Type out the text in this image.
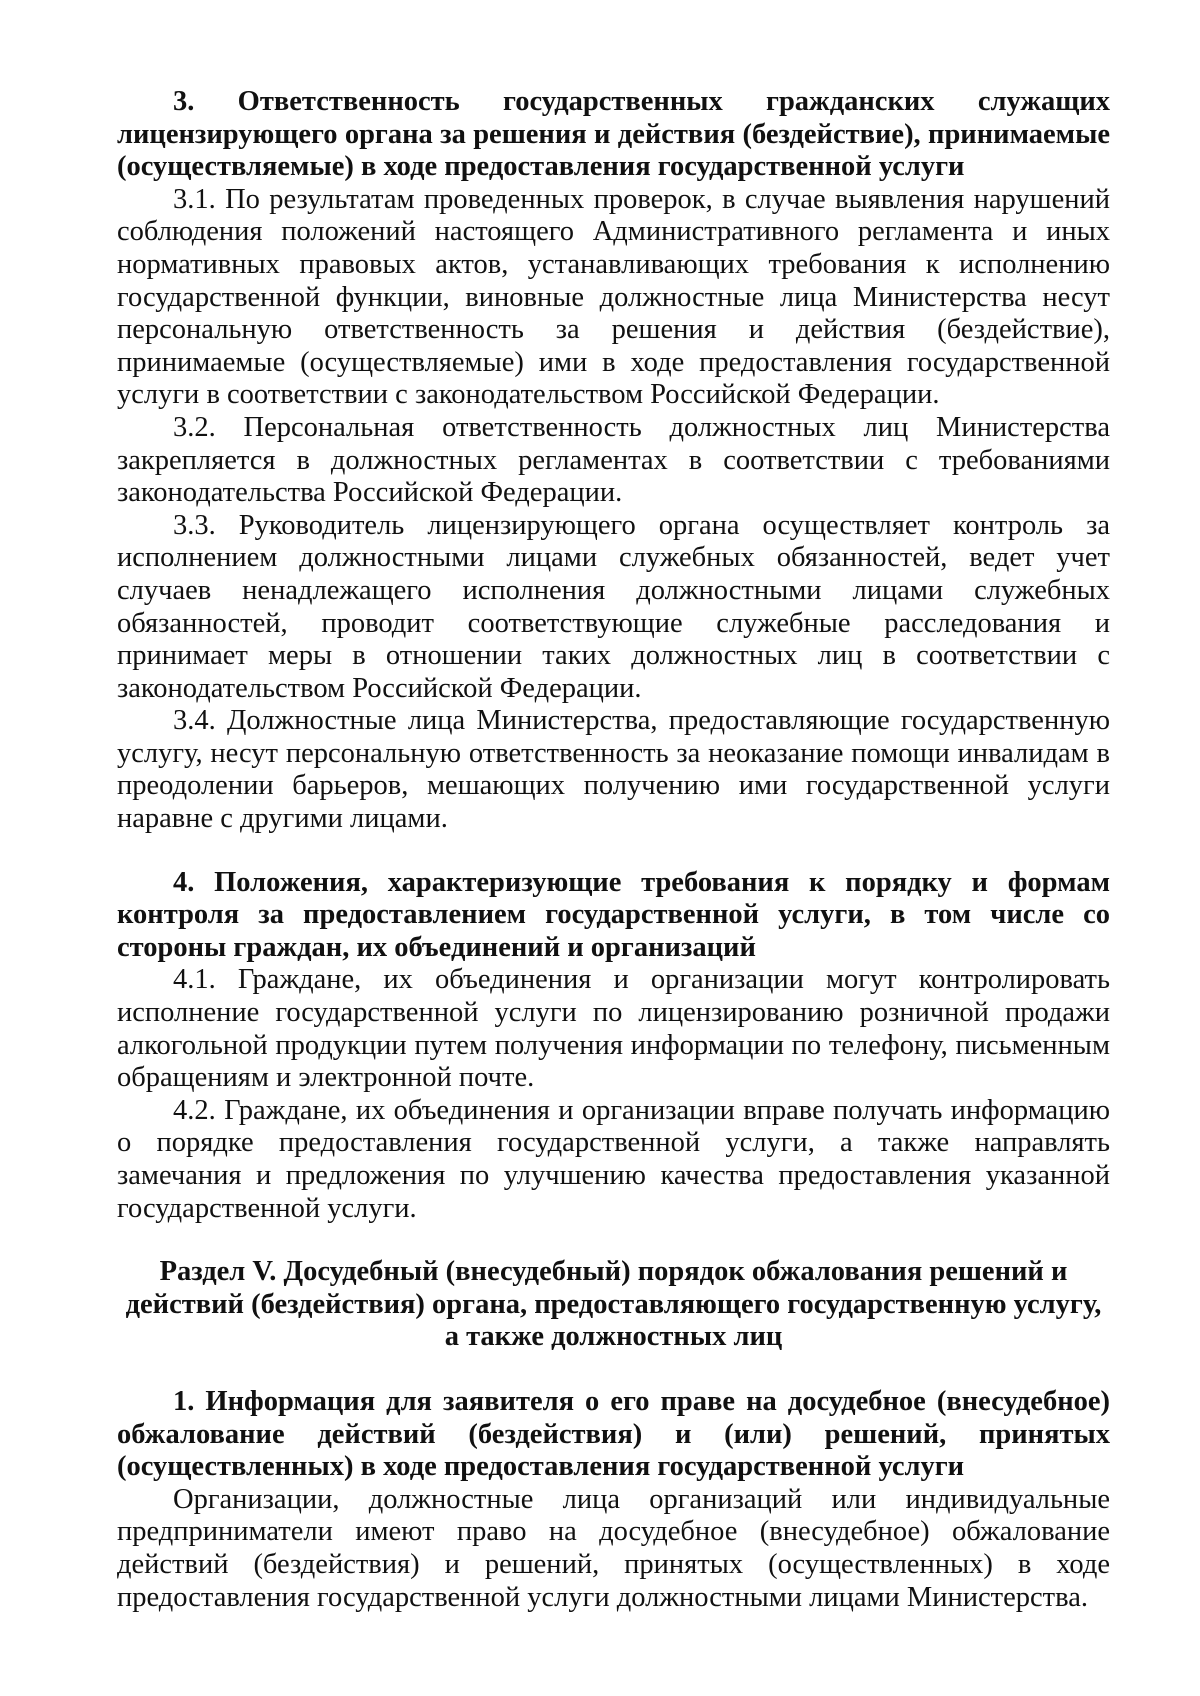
3. Ответственность государственных гражданских служащих лицензирующего органа за решения и действия (бездействие), принимаемые (осуществляемые) в ходе предоставления государственной услуги

3.1. По результатам проведенных проверок, в случае выявления нарушений соблюдения положений настоящего Административного регламента и иных нормативных правовых актов, устанавливающих требования к исполнению государственной функции, виновные должностные лица Министерства несут персональную ответственность за решения и действия (бездействие), принимаемые (осуществляемые) ими в ходе предоставления государственной услуги в соответствии с законодательством Российской Федерации.

3.2. Персональная ответственность должностных лиц Министерства закрепляется в должностных регламентах в соответствии с требованиями законодательства Российской Федерации.

3.3. Руководитель лицензирующего органа осуществляет контроль за исполнением должностными лицами служебных обязанностей, ведет учет случаев ненадлежащего исполнения должностными лицами служебных обязанностей, проводит соответствующие служебные расследования и принимает меры в отношении таких должностных лиц в соответствии с законодательством Российской Федерации.

3.4. Должностные лица Министерства, предоставляющие государственную услугу, несут персональную ответственность за неоказание помощи инвалидам в преодолении барьеров, мешающих получению ими государственной услуги наравне с другими лицами.

4. Положения, характеризующие требования к порядку и формам контроля за предоставлением государственной услуги, в том числе со стороны граждан, их объединений и организаций

4.1. Граждане, их объединения и организации могут контролировать исполнение государственной услуги по лицензированию розничной продажи алкогольной продукции путем получения информации по телефону, письменным обращениям и электронной почте.

4.2. Граждане, их объединения и организации вправе получать информацию о порядке предоставления государственной услуги, а также направлять замечания и предложения по улучшению качества предоставления указанной государственной услуги.

Раздел V. Досудебный (внесудебный) порядок обжалования решений и действий (бездействия) органа, предоставляющего государственную услугу, а также должностных лиц

1. Информация для заявителя о его праве на досудебное (внесудебное) обжалование действий (бездействия) и (или) решений, принятых (осуществленных) в ходе предоставления государственной услуги

Организации, должностные лица организаций или индивидуальные предприниматели имеют право на досудебное (внесудебное) обжалование действий (бездействия) и решений, принятых (осуществленных) в ходе предоставления государственной услуги должностными лицами Министерства.
